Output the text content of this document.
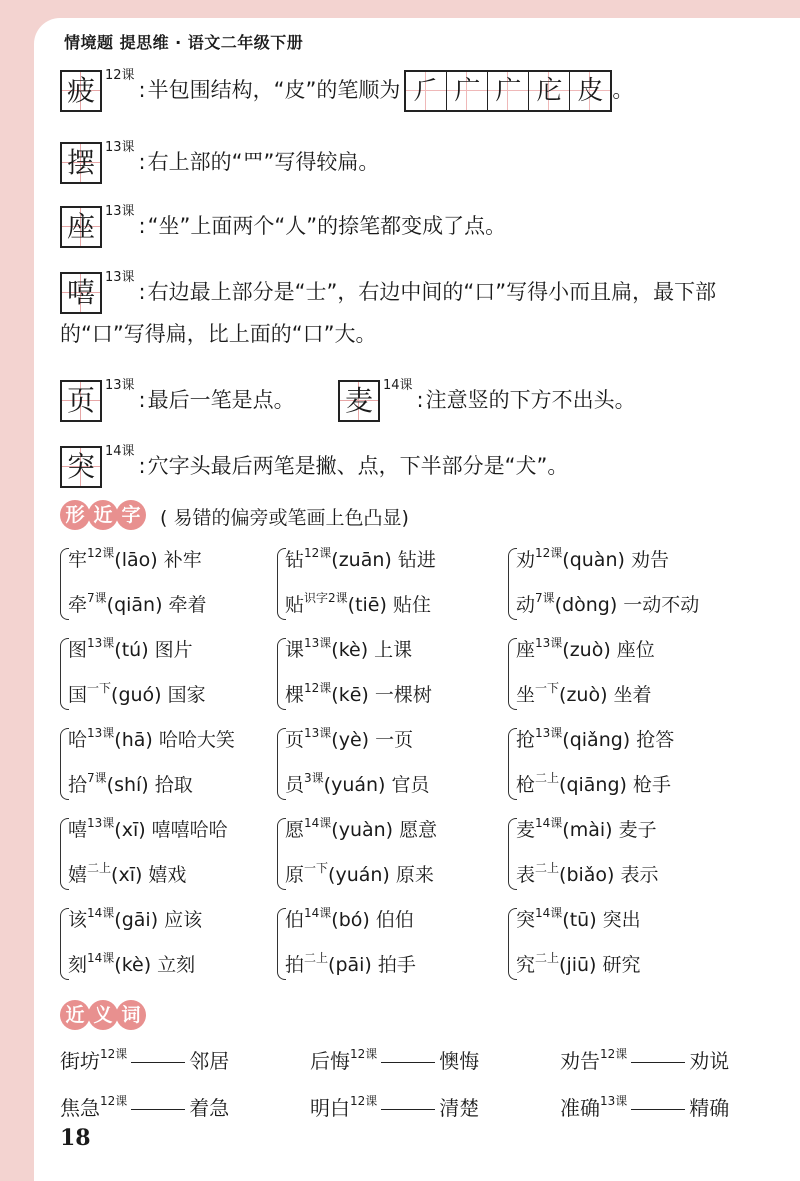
情境题 提思维 · 语文二年级下册
疲 $^{12课}$:半包围结构，“皮”的笔顺为 ⺁ 广 广 庀 皮 。
摆 $^{13课}$:右上部的“罒”写得较扁。
座 $^{13课}$:“坐”上面两个“人”的捺笔都变成了点。
嘻 $^{13课}$:右边最上部分是“士”，右边中间的“口”写得小而且扁，最下部
的“口”写得扁，比上面的“口”大。
页 $^{13课}$:最后一笔是点。 麦 $^{14课}$:注意竖的下方不出头。
突 $^{14课}$:穴字头最后两笔是撇、点，下半部分是“犬”。
形 近 字 ( 易错的偏旁或笔画上色凸显)
牢$^{12课}$(lāo) 补牢
牵$^{7课}$(qiān) 牵着
钻$^{12课}$(zuān) 钻进
贴$^{识字2课}$(tiē) 贴住
劝$^{12课}$(quàn) 劝告
动$^{7课}$(dòng) 一动不动
图$^{13课}$(tú) 图片
国$^{一下}$(guó) 国家
课$^{13课}$(kè) 上课
棵$^{12课}$(kē) 一棵树
座$^{13课}$(zuò) 座位
坐$^{一下}$(zuò) 坐着
哈$^{13课}$(hā) 哈哈大笑
拾$^{7课}$(shí) 拾取
页$^{13课}$(yè) 一页
员$^{3课}$(yuán) 官员
抢$^{13课}$(qiǎng) 抢答
枪$^{二上}$(qiāng) 枪手
嘻$^{13课}$(xī) 嘻嘻哈哈
嬉$^{二上}$(xī) 嬉戏
愿$^{14课}$(yuàn) 愿意
原$^{一下}$(yuán) 原来
麦$^{14课}$(mài) 麦子
表$^{二上}$(biǎo) 表示
该$^{14课}$(gāi) 应该
刻$^{14课}$(kè) 立刻
伯$^{14课}$(bó) 伯伯
拍$^{二上}$(pāi) 拍手
突$^{14课}$(tū) 突出
究$^{二上}$(jiū) 研究
近 义 词
街坊$^{12课}$	邻居	后悔$^{12课}$	懊悔	劝告$^{12课}$	劝说
焦急$^{12课}$	着急	明白$^{12课}$	清楚	准确$^{13课}$	精确
18
